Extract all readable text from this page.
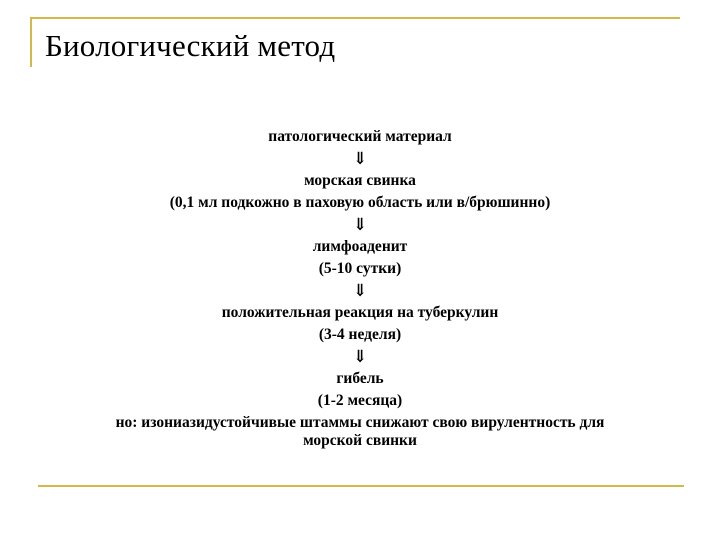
Биологический метод
патологический материал
⇓
морская свинка
(0,1 мл подкожно в паховую область или в/брюшинно)
⇓
лимфоаденит
(5-10 сутки)
⇓
положительная реакция на туберкулин
(3-4 неделя)
⇓
гибель
(1-2 месяца)
но: изониазидустойчивые штаммы снижают свою вирулентность для
морской свинки
